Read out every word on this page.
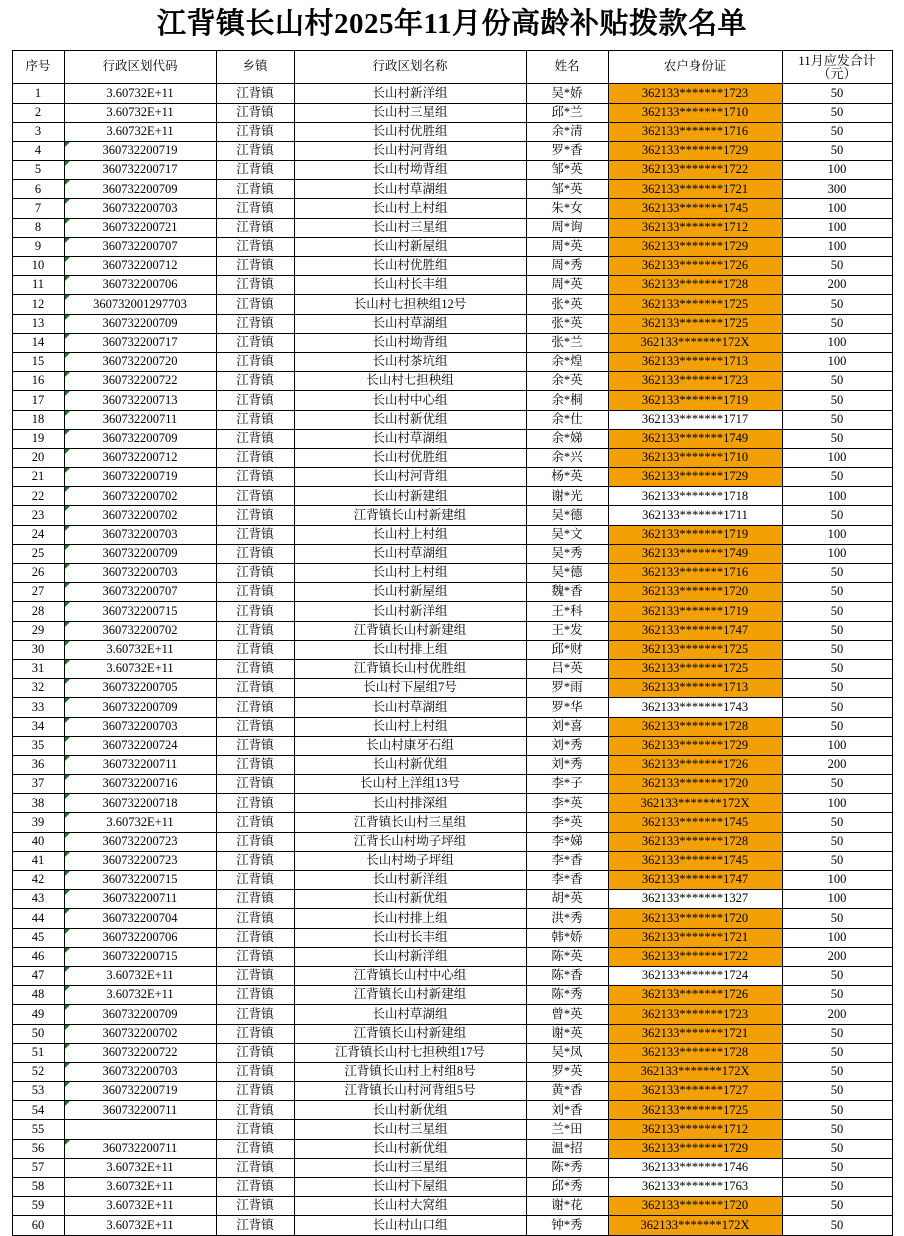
江背镇长山村2025年11月份高龄补贴拨款名单
序号	行政区划代码	乡镇	行政区划名称	姓名	农户身份证	11月应发合计
（元）

1	3.60732E+11	江背镇	长山村新洋组	吴*娇	362133*******1723	50
2	3.60732E+11	江背镇	长山村三星组	邱*兰	362133*******1710	50
3	3.60732E+11	江背镇	长山村优胜组	余*清	362133*******1716	50
4	360732200719	江背镇	长山村河背组	罗*香	362133*******1729	50
5	360732200717	江背镇	长山村坳背组	邹*英	362133*******1722	100
6	360732200709	江背镇	长山村草湖组	邹*英	362133*******1721	300
7	360732200703	江背镇	长山村上村组	朱*女	362133*******1745	100
8	360732200721	江背镇	长山村三星组	周*询	362133*******1712	100
9	360732200707	江背镇	长山村新屋组	周*英	362133*******1729	100
10	360732200712	江背镇	长山村优胜组	周*秀	362133*******1726	50
11	360732200706	江背镇	长山村长丰组	周*英	362133*******1728	200
12	360732001297703	江背镇	长山村七担秧组12号	张*英	362133*******1725	50
13	360732200709	江背镇	长山村草湖组	张*英	362133*******1725	50
14	360732200717	江背镇	长山村坳背组	张*兰	362133*******172X	100
15	360732200720	江背镇	长山村茶坑组	余*煌	362133*******1713	100
16	360732200722	江背镇	长山村七担秧组	余*英	362133*******1723	50
17	360732200713	江背镇	长山村中心组	余*桐	362133*******1719	50
18	360732200711	江背镇	长山村新优组	余*仕	362133*******1717	50
19	360732200709	江背镇	长山村草湖组	余*娣	362133*******1749	50
20	360732200712	江背镇	长山村优胜组	余*兴	362133*******1710	100
21	360732200719	江背镇	长山村河背组	杨*英	362133*******1729	50
22	360732200702	江背镇	长山村新建组	谢*光	362133*******1718	100
23	360732200702	江背镇	江背镇长山村新建组	吴*德	362133*******1711	50
24	360732200703	江背镇	长山村上村组	吴*文	362133*******1719	100
25	360732200709	江背镇	长山村草湖组	吴*秀	362133*******1749	100
26	360732200703	江背镇	长山村上村组	吴*德	362133*******1716	50
27	360732200707	江背镇	长山村新屋组	魏*香	362133*******1720	50
28	360732200715	江背镇	长山村新洋组	王*科	362133*******1719	50
29	360732200702	江背镇	江背镇长山村新建组	王*发	362133*******1747	50
30	3.60732E+11	江背镇	长山村排上组	邱*财	362133*******1725	50
31	3.60732E+11	江背镇	江背镇长山村优胜组	吕*英	362133*******1725	50
32	360732200705	江背镇	长山村下屋组7号	罗*雨	362133*******1713	50
33	360732200709	江背镇	长山村草湖组	罗*华	362133*******1743	50
34	360732200703	江背镇	长山村上村组	刘*喜	362133*******1728	50
35	360732200724	江背镇	长山村康牙石组	刘*秀	362133*******1729	100
36	360732200711	江背镇	长山村新优组	刘*秀	362133*******1726	200
37	360732200716	江背镇	长山村上洋组13号	李*子	362133*******1720	50
38	360732200718	江背镇	长山村排深组	李*英	362133*******172X	100
39	3.60732E+11	江背镇	江背镇长山村三星组	李*英	362133*******1745	50
40	360732200723	江背镇	江背长山村坳子坪组	李*娣	362133*******1728	50
41	360732200723	江背镇	长山村坳子坪组	李*香	362133*******1745	50
42	360732200715	江背镇	长山村新洋组	李*香	362133*******1747	100
43	360732200711	江背镇	长山村新优组	胡*英	362133*******1327	100
44	360732200704	江背镇	长山村排上组	洪*秀	362133*******1720	50
45	360732200706	江背镇	长山村长丰组	韩*娇	362133*******1721	100
46	360732200715	江背镇	长山村新洋组	陈*英	362133*******1722	200
47	3.60732E+11	江背镇	江背镇长山村中心组	陈*香	362133*******1724	50
48	3.60732E+11	江背镇	江背镇长山村新建组	陈*秀	362133*******1726	50
49	360732200709	江背镇	长山村草湖组	曾*英	362133*******1723	200
50	360732200702	江背镇	江背镇长山村新建组	谢*英	362133*******1721	50
51	360732200722	江背镇	江背镇长山村七担秧组17号	吴*凤	362133*******1728	50
52	360732200703	江背镇	江背镇长山村上村组8号	罗*英	362133*******172X	50
53	360732200719	江背镇	江背镇长山村河背组5号	黄*香	362133*******1727	50
54	360732200711	江背镇	长山村新优组	刘*香	362133*******1725	50
55		江背镇	长山村三星组	兰*田	362133*******1712	50
56	360732200711	江背镇	长山村新优组	温*招	362133*******1729	50
57	3.60732E+11	江背镇	长山村三星组	陈*秀	362133*******1746	50
58	3.60732E+11	江背镇	长山村下屋组	邱*秀	362133*******1763	50
59	3.60732E+11	江背镇	长山村大窝组	谢*花	362133*******1720	50
60	3.60732E+11	江背镇	长山村山口组	钟*秀	362133*******172X	50
